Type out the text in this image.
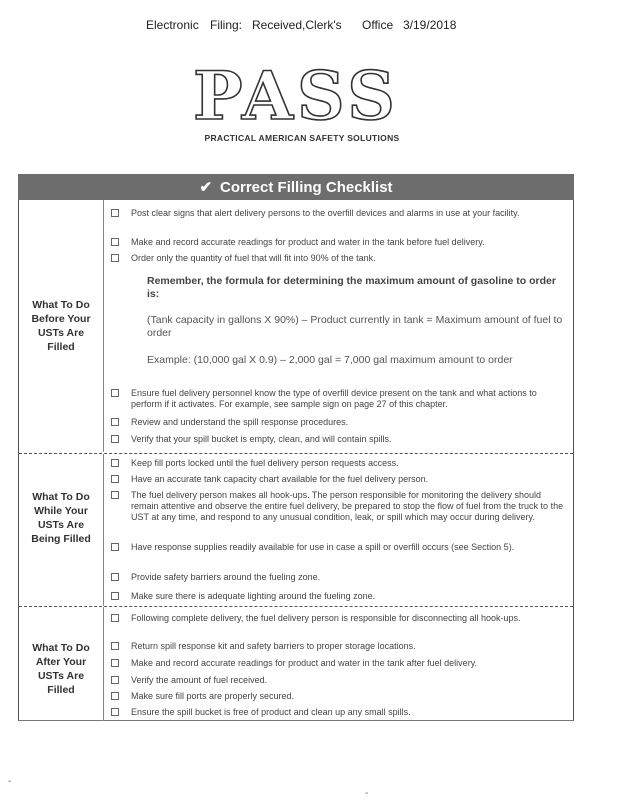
Electronic Filing: Received,Clerk's Office 3/19/2018
PASS
PRACTICAL AMERICAN SAFETY SOLUTIONS
✔ Correct Filling Checklist
What To Do Before Your USTs Are Filled
Post clear signs that alert delivery persons to the overfill devices and alarms in use at your facility.
Make and record accurate readings for product and water in the tank before fuel delivery.
Order only the quantity of fuel that will fit into 90% of the tank.
Remember, the formula for determining the maximum amount of gasoline to order is:
(Tank capacity in gallons X 90%) – Product currently in tank = Maximum amount of fuel to order
Example: (10,000 gal X 0.9) – 2,000 gal = 7,000 gal maximum amount to order
Ensure fuel delivery personnel know the type of overfill device present on the tank and what actions to perform if it activates. For example, see sample sign on page 27 of this chapter.
Review and understand the spill response procedures.
Verify that your spill bucket is empty, clean, and will contain spills.
What To Do While Your USTs Are Being Filled
Keep fill ports locked until the fuel delivery person requests access.
Have an accurate tank capacity chart available for the fuel delivery person.
The fuel delivery person makes all hook-ups. The person responsible for monitoring the delivery should remain attentive and observe the entire fuel delivery, be prepared to stop the flow of fuel from the truck to the UST at any time, and respond to any unusual condition, leak, or spill which may occur during delivery.
Have response supplies readily available for use in case a spill or overfill occurs (see Section 5).
Provide safety barriers around the fueling zone.
Make sure there is adequate lighting around the fueling zone.
What To Do After Your USTs Are Filled
Following complete delivery, the fuel delivery person is responsible for disconnecting all hook-ups.
Return spill response kit and safety barriers to proper storage locations.
Make and record accurate readings for product and water in the tank after fuel delivery.
Verify the amount of fuel received.
Make sure fill ports are properly secured.
Ensure the spill bucket is free of product and clean up any small spills.
-
-
